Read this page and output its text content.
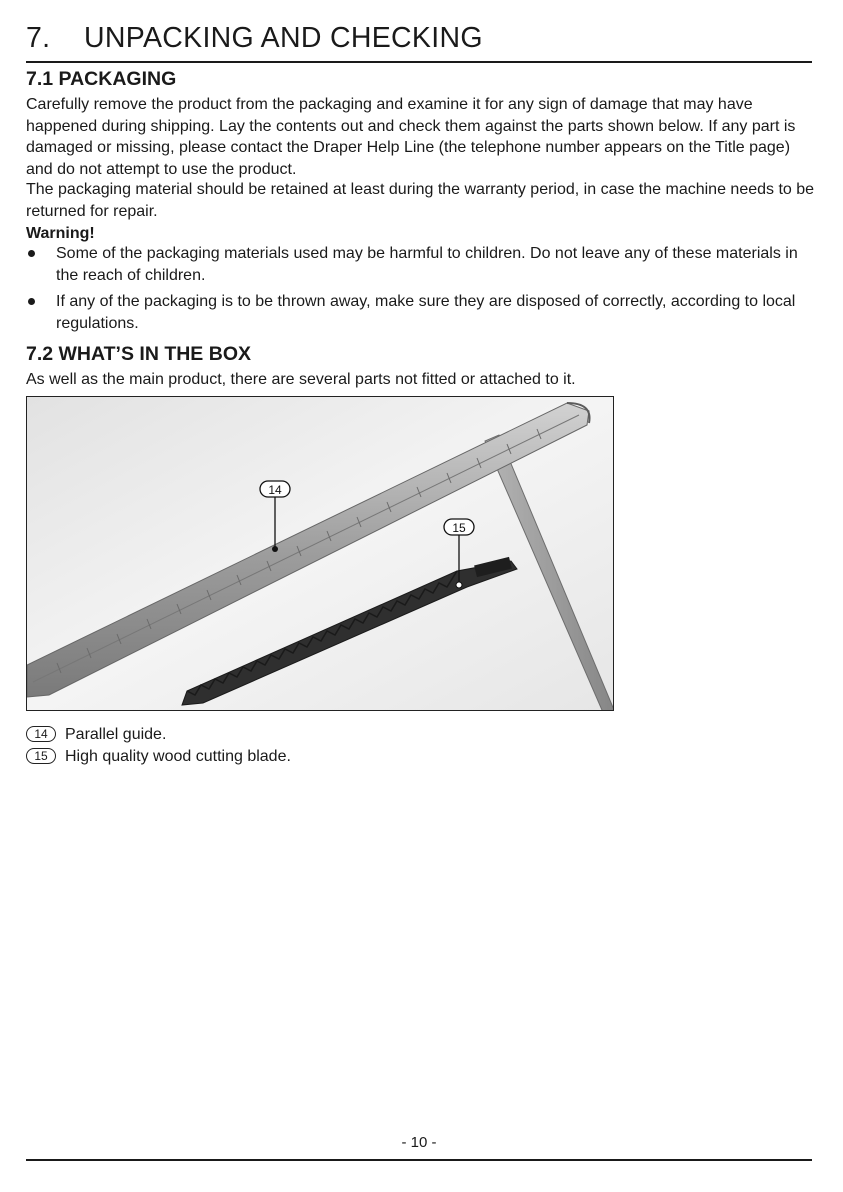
7. UNPACKING AND CHECKING
7.1 PACKAGING

Carefully remove the product from the packaging and examine it for any sign of damage that may have happened during shipping. Lay the contents out and check them against the parts shown below. If any part is damaged or missing, please contact the Draper Help Line (the telephone number appears on the Title page) and do not attempt to use the product.

The packaging material should be retained at least during the warranty period, in case the machine needs to be returned for repair.

Warning!
Some of the packaging materials used may be harmful to children. Do not leave any of these materials in the reach of children.
If any of the packaging is to be thrown away, make sure they are disposed of correctly, according to local regulations.
7.2 WHAT’S IN THE BOX

As well as the main product, there are several parts not fitted or attached to it.

14
15
14 Parallel guide.
15 High quality wood cutting blade.
- 10 -
